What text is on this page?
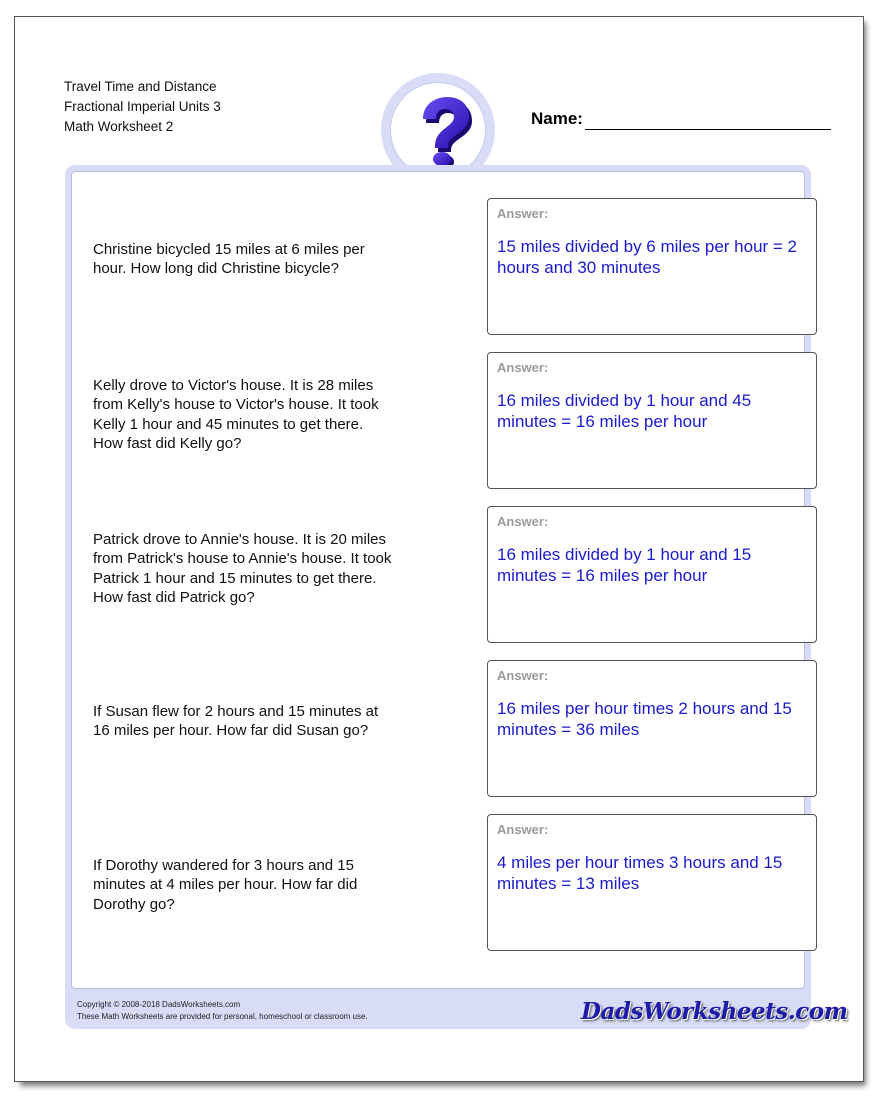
Travel Time and Distance
Fractional Imperial Units 3
Math Worksheet 2	Name:
Christine bicycled 15 miles at 6 miles per hour. How long did Christine bicycle?
Answer:
15 miles divided by 6 miles per hour = 2 hours and 30 minutes
Kelly drove to Victor's house. It is 28 miles from Kelly's house to Victor's house. It took Kelly 1 hour and 45 minutes to get there. How fast did Kelly go?
Answer:
16 miles divided by 1 hour and 45 minutes = 16 miles per hour
Patrick drove to Annie's house. It is 20 miles from Patrick's house to Annie's house. It took Patrick 1 hour and 15 minutes to get there. How fast did Patrick go?
Answer:
16 miles divided by 1 hour and 15 minutes = 16 miles per hour
If Susan flew for 2 hours and 15 minutes at 16 miles per hour. How far did Susan go?
Answer:
16 miles per hour times 2 hours and 15 minutes = 36 miles
If Dorothy wandered for 3 hours and 15 minutes at 4 miles per hour. How far did Dorothy go?
Answer:
4 miles per hour times 3 hours and 15 minutes = 13 miles
Copyright © 2008-2018 DadsWorksheets.com
These Math Worksheets are provided for personal, homeschool or classroom use.	DadsWorksheets.com
